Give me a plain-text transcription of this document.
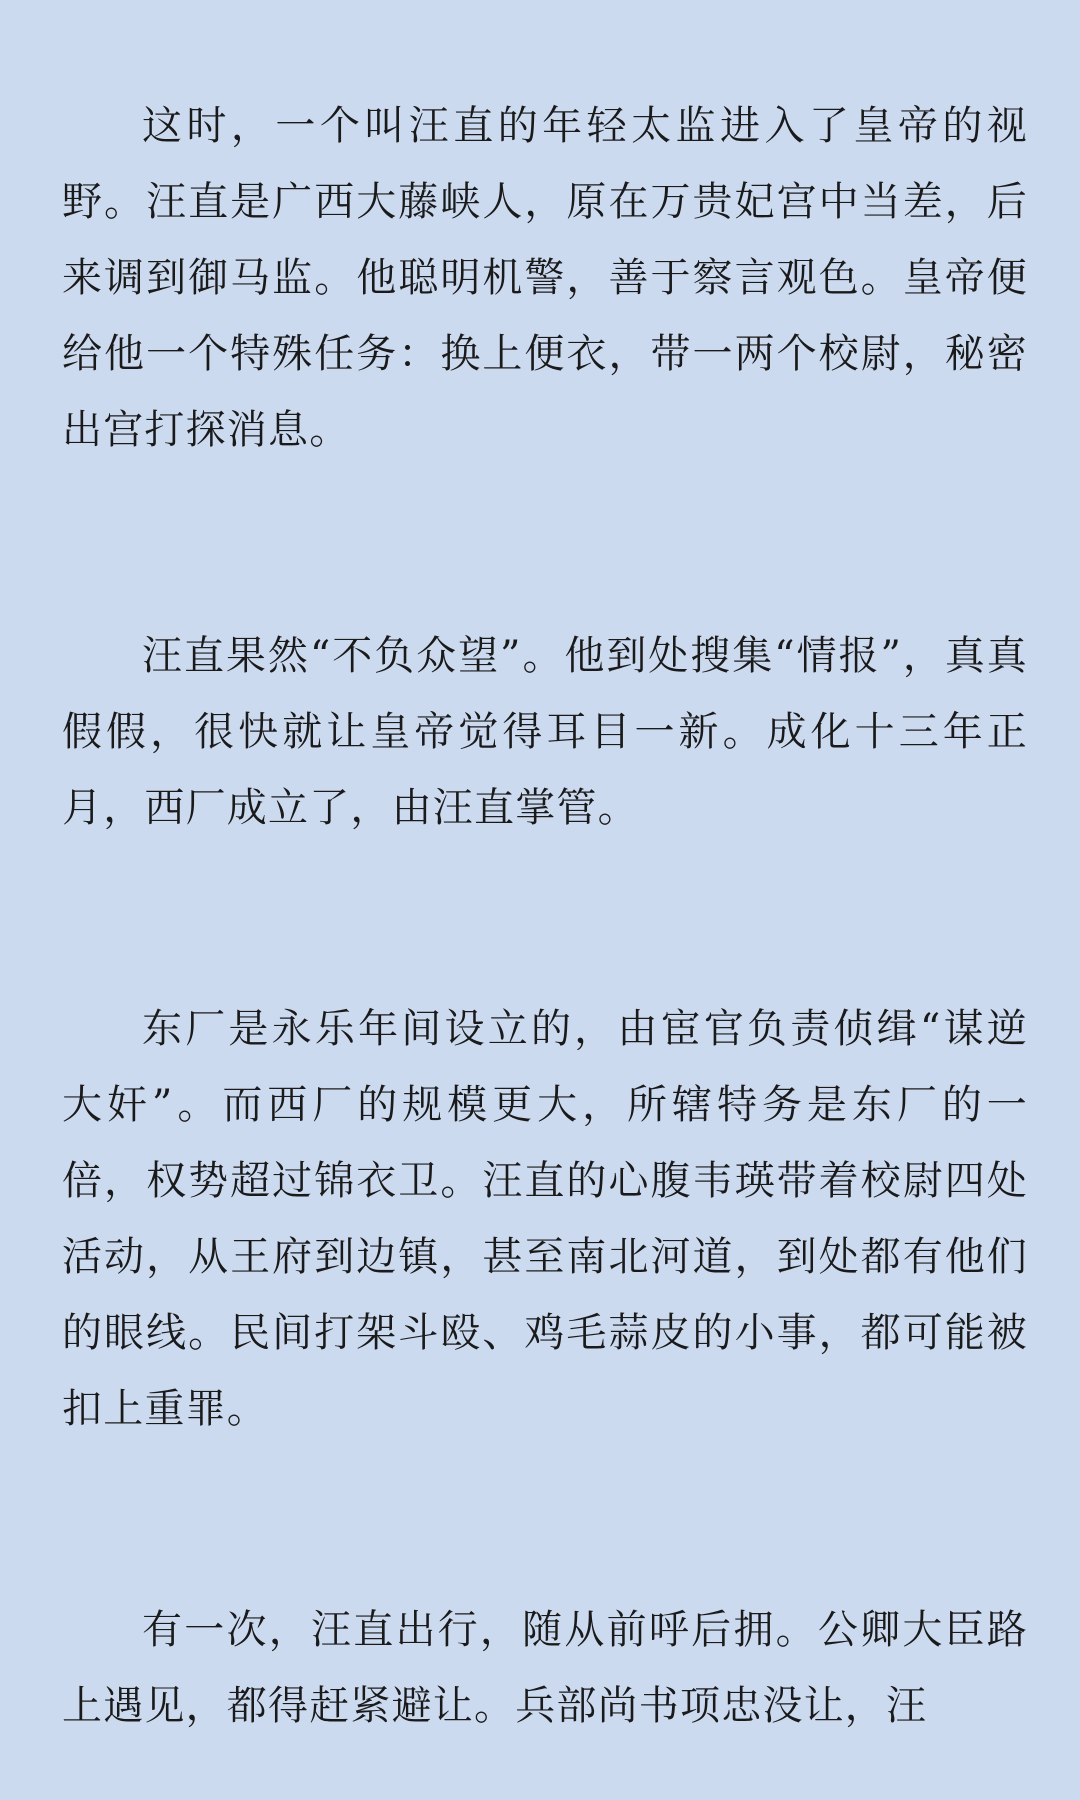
这时，一个叫汪直的年轻太监进入了皇帝的视野。汪直是广西大藤峡人，原在万贵妃宫中当差，后来调到御马监。他聪明机警，善于察言观色。皇帝便给他一个特殊任务：换上便衣，带一两个校尉，秘密出宫打探消息。

汪直果然“不负众望”。他到处搜集“情报”，真真假假，很快就让皇帝觉得耳目一新。成化十三年正月，西厂成立了，由汪直掌管。

东厂是永乐年间设立的，由宦官负责侦缉“谋逆大奸”。而西厂的规模更大，所辖特务是东厂的一倍，权势超过锦衣卫。汪直的心腹韦瑛带着校尉四处活动，从王府到边镇，甚至南北河道，到处都有他们的眼线。民间打架斗殴、鸡毛蒜皮的小事，都可能被扣上重罪。

有一次，汪直出行，随从前呼后拥。公卿大臣路上遇见，都得赶紧避让。兵部尚书项忠没让，汪
